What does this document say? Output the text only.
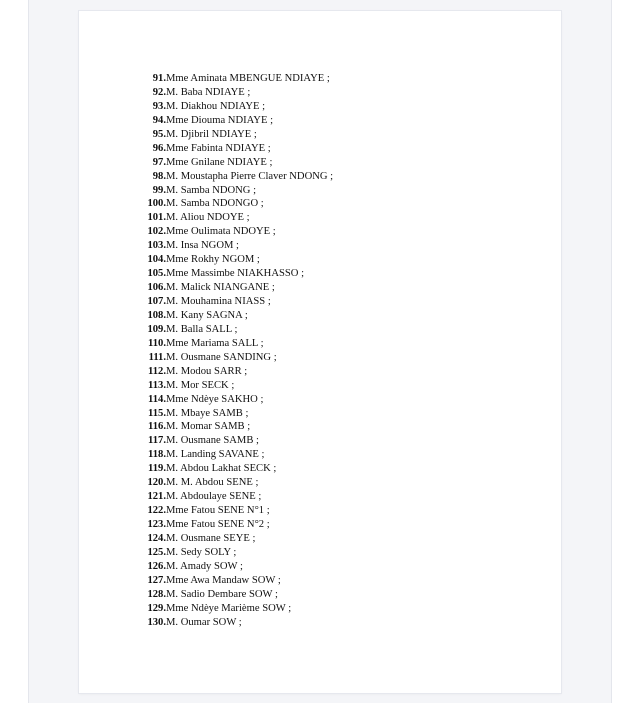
91.Mme Aminata MBENGUE NDIAYE ;
92.M. Baba NDIAYE ;
93.M. Diakhou NDIAYE ;
94.Mme Dioumа NDIAYE ;
95.M. Djibril NDIAYE ;
96.Mme Fabinta NDIAYE ;
97.Mme Gnilane NDIAYE ;
98.M. Moustapha Pierre Claver NDONG ;
99.M. Samba NDONG ;
100.M. Samba NDONGO ;
101.M. Aliou NDOYE ;
102.Mme Oulimata NDOYE ;
103.M. Insa NGOM ;
104.Mme Rokhy NGOM ;
105.Mme Massimbe NIAKHASSO ;
106.M. Malick NIANGANE ;
107.M. Mouhamina NIASS ;
108.M. Kany SAGNA ;
109.M. Balla SALL ;
110.Mme Mariama SALL ;
111.M. Ousmane SANDING ;
112.M. Modou SARR ;
113.M. Mor SECK ;
114.Mme Ndèye SAKHO ;
115.M. Mbaye SAMB ;
116.M. Momar SAMB ;
117.M. Ousmane SAMB ;
118.M. Landing SAVANE ;
119.M. Abdou Lakhat SECK ;
120.M. M. Abdou SENE ;
121.M. Abdoulaye SENE ;
122.Mme Fatou SENE N°1 ;
123.Mme Fatou SENE N°2 ;
124.M. Ousmane SEYE ;
125.M. Sedy SOLY ;
126.M. Amady SOW ;
127.Mme Awa Mandaw SOW ;
128.M. Sadio Dembare SOW ;
129.Mme Ndèye Marième SOW ;
130.M. Oumar SOW ;
